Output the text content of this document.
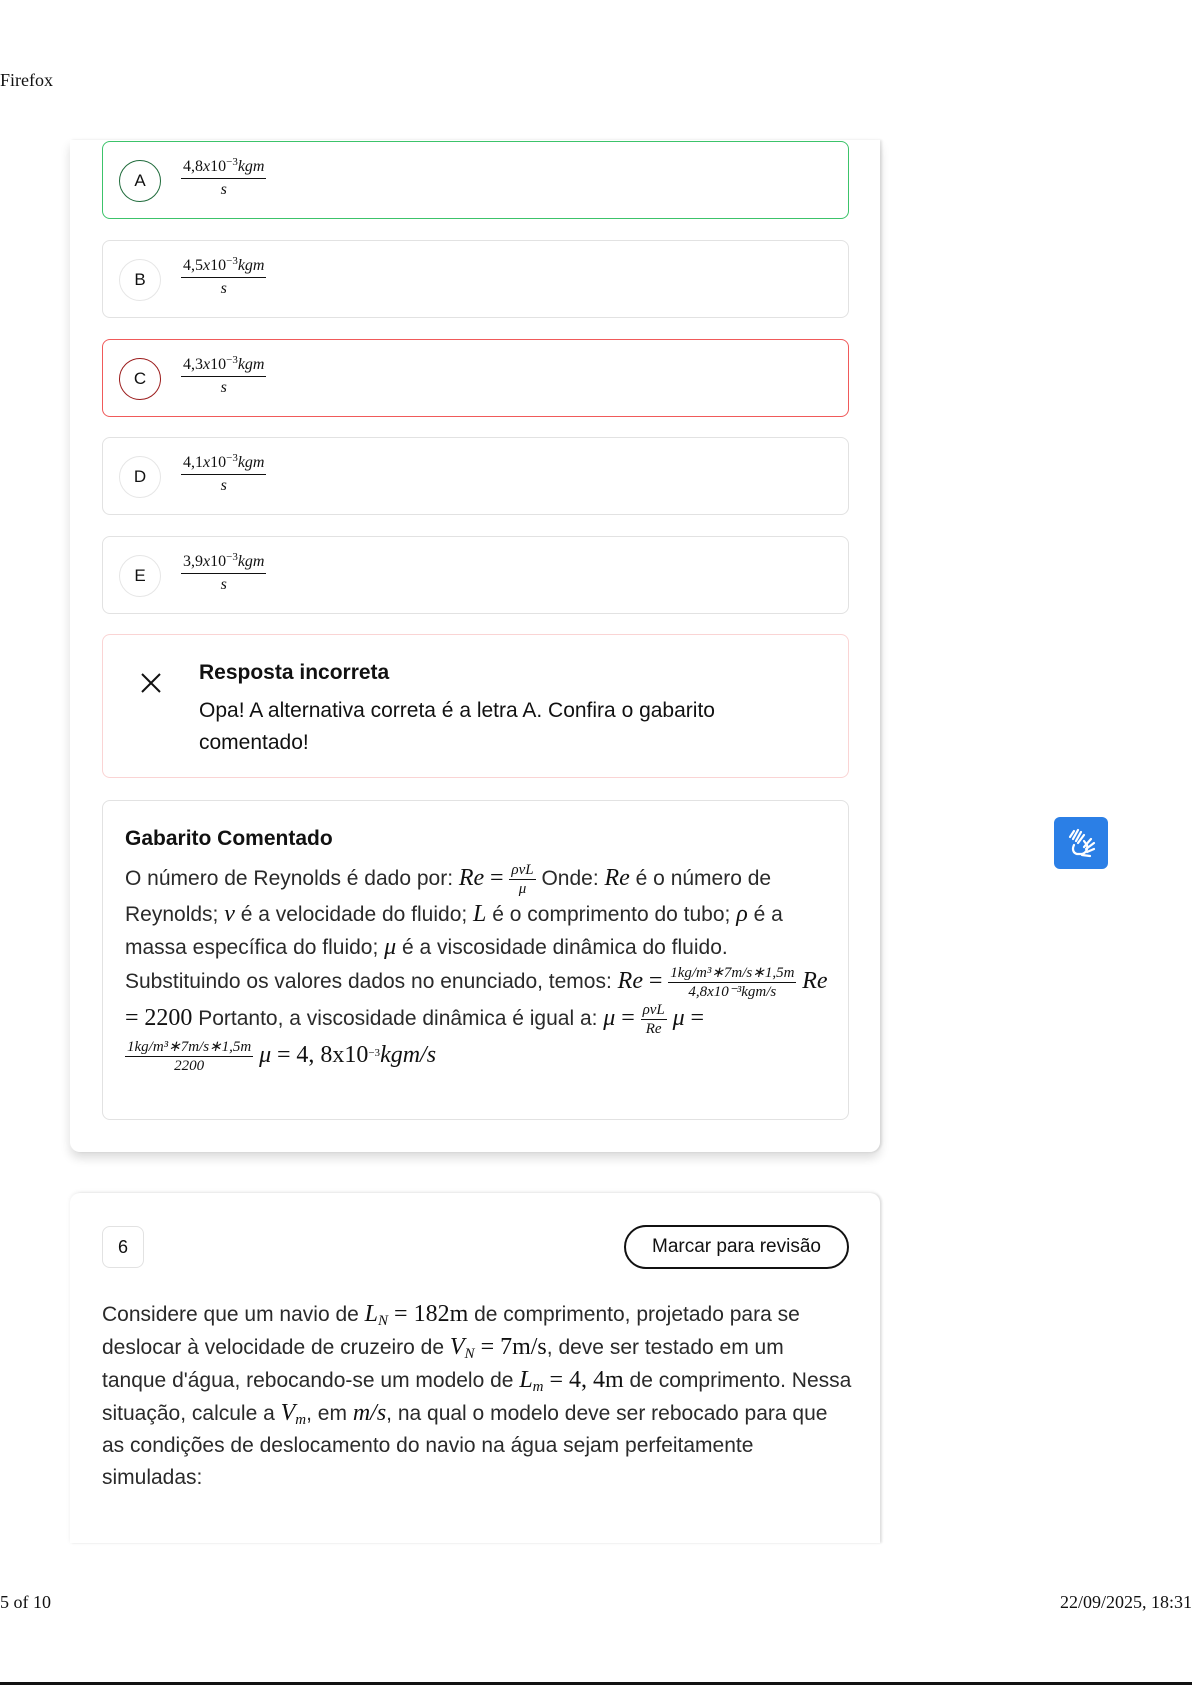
Firefox
A
$4,8x10^{-3}kgm$
s
B
$4,5x10^{-3}kgm$
s
C
$4,3x10^{-3}kgm$
s
D
$4,1x10^{-3}kgm$
s
E
$3,9x10^{-3}kgm$
s
Resposta incorreta
Opa! A alternativa correta é a letra A. Confira o gabarito comentado!
Gabarito Comentado
O número de Reynolds é dado por: Re = ρvL
μ Onde: Re é o número de Reynolds; v é a velocidade do fluido; L é o comprimento do tubo; ρ é a massa específica do fluido; μ é a viscosidade dinâmica do fluido. Substituindo os valores dados no enunciado, temos: Re = 1kg/m³∗7m/s∗1,5m
4,8x10⁻³kgm/s Re = 2200 Portanto, a viscosidade dinâmica é igual a: μ = ρvL
Re μ =
$\frac{\text{1kg/m³∗7m/s∗1,5m}}{2200}$ μ = 4, $8x10^{-3}kgm/s$
6	Marcar para revisão
Considere que um navio de $L_N = 182m$ de comprimento, projetado para se deslocar à velocidade de cruzeiro de $V_N = 7m/s$, deve ser testado em um tanque d'água, rebocando-se um modelo de $L_m = 4$, 4m de comprimento. Nessa situação, calcule a $V_m$, em m/s, na qual o modelo deve ser rebocado para que as condições de deslocamento do navio na água sejam perfeitamente simuladas:
5 of 10	22/09/2025, 18:31
